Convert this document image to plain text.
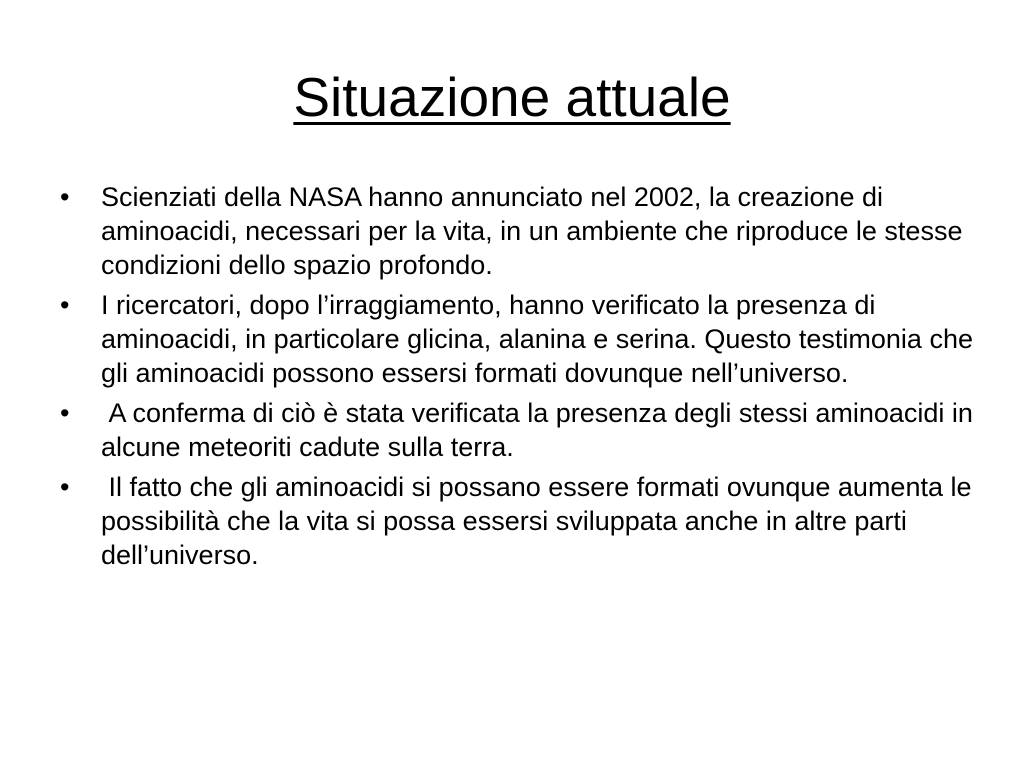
Situazione attuale
•	Scienziati della NASA hanno annunciato nel 2002, la creazione di aminoacidi, necessari per la vita, in un ambiente che riproduce le stesse condizioni dello spazio profondo.
•	I ricercatori, dopo l’irraggiamento, hanno verificato la presenza di aminoacidi, in particolare glicina, alanina e serina. Questo testimonia che gli aminoacidi possono essersi formati dovunque nell’universo.
•	A conferma di ciò è stata verificata la presenza degli stessi aminoacidi in alcune meteoriti cadute sulla terra.
•	Il fatto che gli aminoacidi si possano essere formati ovunque aumenta le possibilità che la vita si possa essersi sviluppata anche in altre parti dell’universo.
